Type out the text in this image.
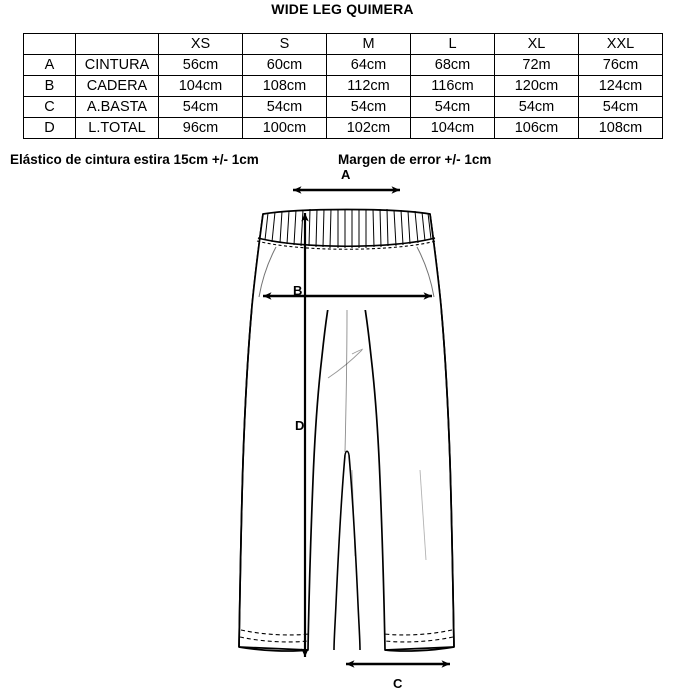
WIDE LEG QUIMERA
		XS	S	M	L	XL	XXL
A	CINTURA	56cm	60cm	64cm	68cm	72m	76cm
B	CADERA	104cm	108cm	112cm	116cm	120cm	124cm
C	A.BASTA	54cm	54cm	54cm	54cm	54cm	54cm
D	L.TOTAL	96cm	100cm	102cm	104cm	106cm	108cm
Elástico de cintura estira 15cm +/- 1cm	Margen de error +/- 1cm
A
B
C
D
